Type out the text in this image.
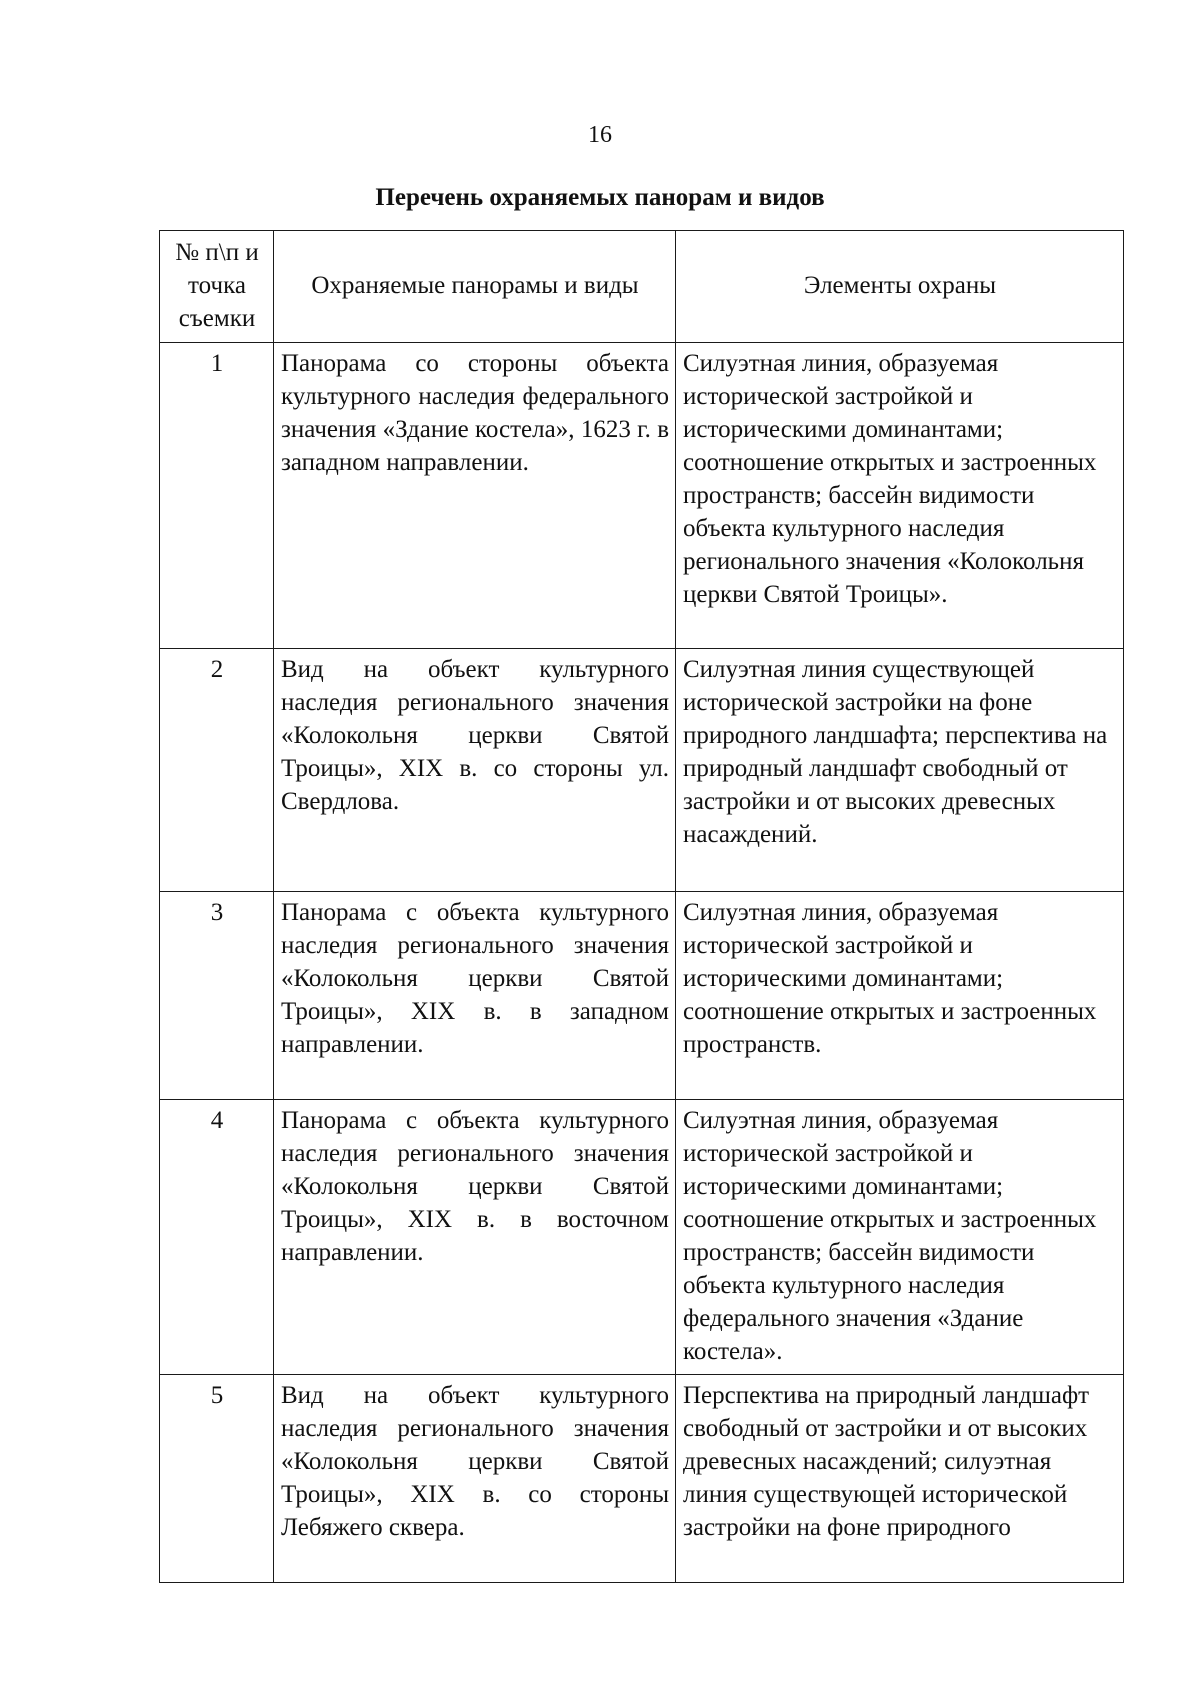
16
Перечень охраняемых панорам и видов
№ п\п и точка съемки	Охраняемые панорамы и виды	Элементы охраны
1	Панорама со стороны объекта культурного наследия федерального значения «Здание костела», 1623 г. в западном направлении.	Силуэтная линия, образуемая исторической застройкой и историческими доминантами; соотношение открытых и застроенных пространств; бассейн видимости объекта культурного наследия регионального значения «Колокольня церкви Святой Троицы».
2	Вид на объект культурного наследия регионального значения «Колокольня церкви Святой Троицы», XIX в. со стороны ул. Свердлова.	Силуэтная линия существующей исторической застройки на фоне природного ландшафта; перспектива на природный ландшафт свободный от застройки и от высоких древесных насаждений.
3	Панорама с объекта культурного наследия регионального значения «Колокольня церкви Святой Троицы», XIX в. в западном направлении.	Силуэтная линия, образуемая исторической застройкой и историческими доминантами; соотношение открытых и застроенных пространств.
4	Панорама с объекта культурного наследия регионального значения «Колокольня церкви Святой Троицы», XIX в. в восточном направлении.	Силуэтная линия, образуемая исторической застройкой и историческими доминантами; соотношение открытых и застроенных пространств; бассейн видимости объекта культурного наследия федерального значения «Здание костела».
5	Вид на объект культурного наследия регионального значения «Колокольня церкви Святой Троицы», XIX в. со стороны Лебяжего сквера.	Перспектива на природный ландшафт свободный от застройки и от высоких древесных насаждений; силуэтная линия существующей исторической застройки на фоне природного
